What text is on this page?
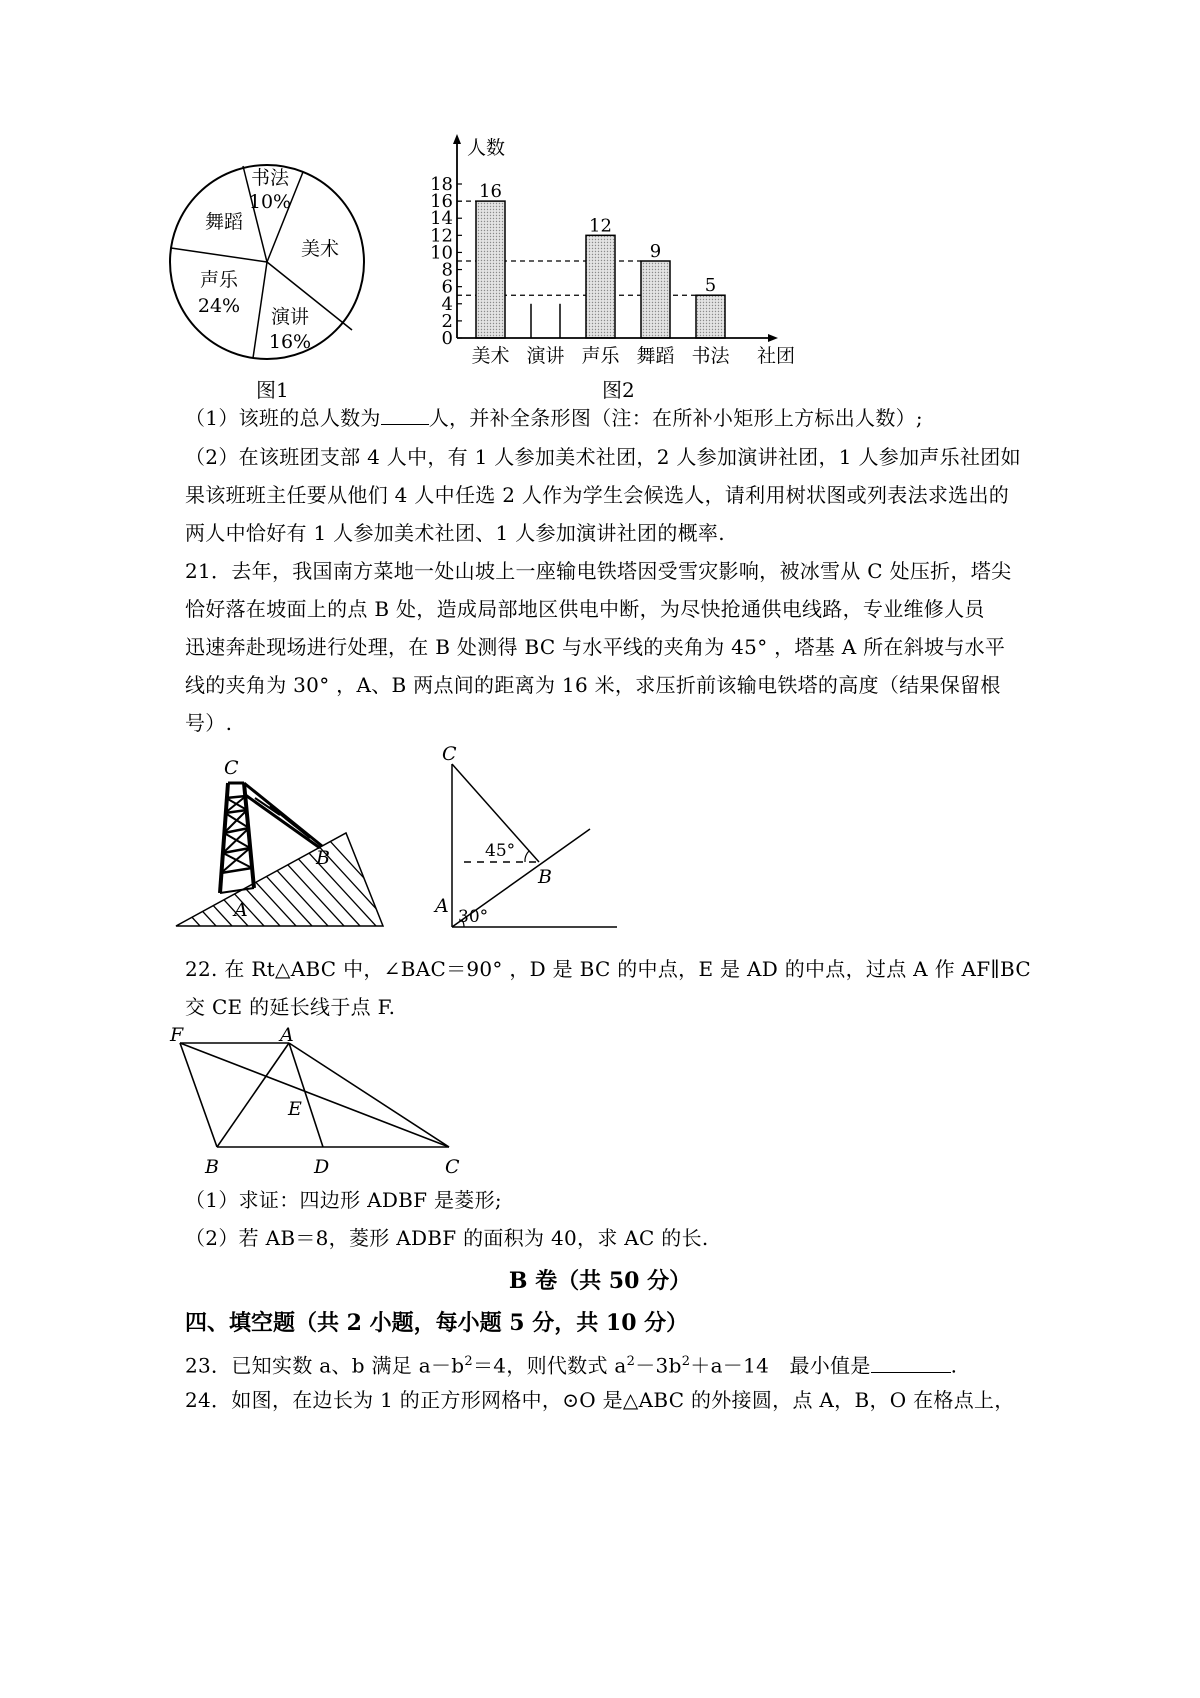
书法
10%
舞蹈
美术
声乐
24% 演讲
16%
图1
0
2
4
6
8
10
12
14
16
18 16
美术 演讲
12
声乐
9
舞蹈
5
书法
人数
社团
图2
（1）该班的总人数为 人，并补全条形图（注：在所补小矩形上方标出人数）;
（2）在该班团支部 4 人中，有 1 人参加美术社团，2 人参加演讲社团，1 人参加声乐社团如
果该班班主任要从他们 4 人中任选 2 人作为学生会候选人，请利用树状图或列表法求选出的
两人中恰好有 1 人参加美术社团、1 人参加演讲社团的概率.
21．去年，我国南方菜地一处山坡上一座输电铁塔因受雪灾影响，被冰雪从 C 处压折，塔尖
恰好落在坡面上的点 B 处，造成局部地区供电中断，为尽快抢通供电线路，专业维修人员
迅速奔赴现场进行处理，在 B 处测得 BC 与水平线的夹角为 45° ，塔基 A 所在斜坡与水平
线的夹角为 30° ，A、B 两点间的距离为 16 米，求压折前该输电铁塔的高度（结果保留根
号）.
C
B
A
C
B
A
45°
30°
22. 在 Rt△ABC 中，∠BAC＝90° ，D 是 BC 的中点，E 是 AD 的中点，过点 A 作 AF∥BC
交 CE 的延长线于点 F.
F	A
E
B	D	C
（1）求证：四边形 ADBF 是菱形;
（2）若 AB＝8，菱形 ADBF 的面积为 40，求 AC 的长.
B 卷（共 50 分）
四、填空题（共 2 小题，每小题 5 分，共 10 分）
23．已知实数 a、b 满足 $a-b^2=4$，则代数式 $a^2-3b^2+a-14$　最小值是	.
24．如图，在边长为 1 的正方形网格中，⊙O 是△ABC 的外接圆，点 A，B，O 在格点上，
